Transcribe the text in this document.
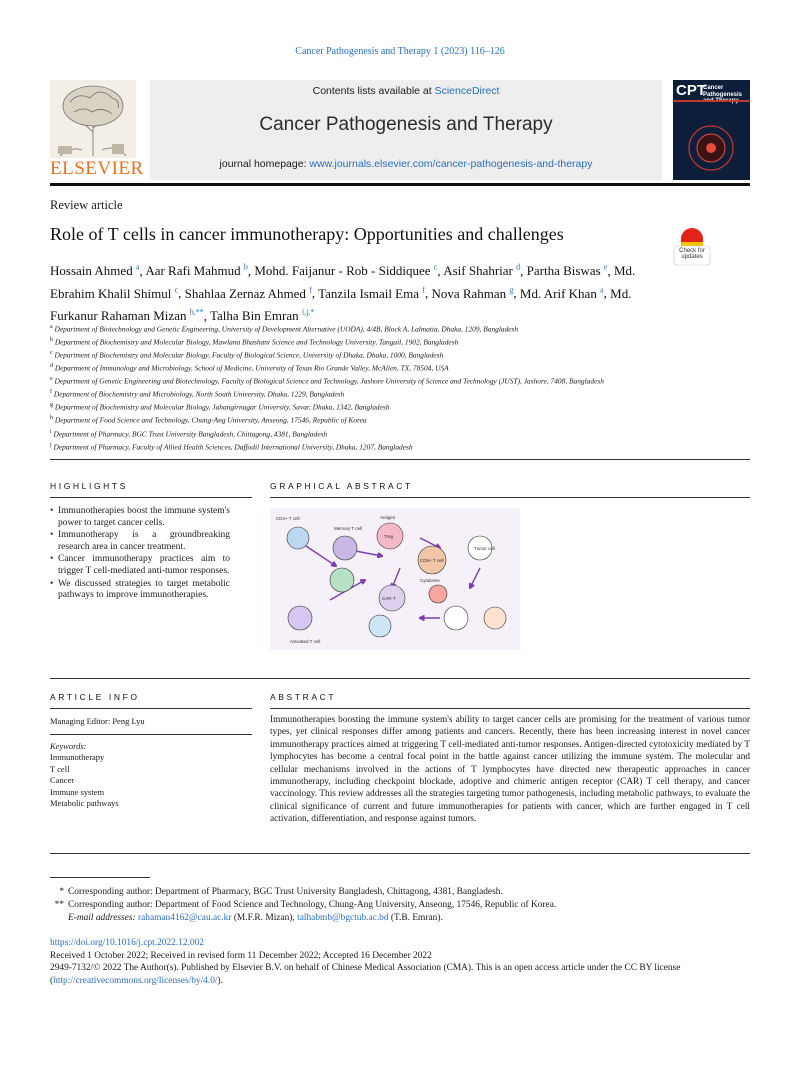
Cancer Pathogenesis and Therapy 1 (2023) 116–126
ELSEVIER
Contents lists available at ScienceDirect
Cancer Pathogenesis and Therapy
journal homepage: www.journals.elsevier.com/cancer-pathogenesis-and-therapy
CPT
Cancer Pathogenesis
Review article
Role of T cells in cancer immunotherapy: Opportunities and challenges
Check for updates
Hossain Ahmed $^a$, Aar Rafi Mahmud $^b$, Mohd. Faijanur - Rob - Siddiquee $^c$, Asif Shahriar $^d$, Partha Biswas $^e$, Md. Ebrahim Khalil Shimul $^c$, Shahlaa Zernaz Ahmed $^f$, Tanzila Ismail Ema $^f$, Nova Rahman $^g$, Md. Arif Khan $^a$, Md. Furkanur Rahaman Mizan $^{h,**}$, Talha Bin Emran $^{i,j,*}$
$^a$ Department of Biotechnology and Genetic Engineering, University of Development Alternative (UODA), 4/4B, Block A, Lalmatia, Dhaka, 1209, Bangladesh
$^b$ Department of Biochemistry and Molecular Biology, Mawlana Bhashani Science and Technology University, Tangail, 1902, Bangladesh
$^c$ Department of Biochemistry and Molecular Biology, Faculty of Biological Science, University of Dhaka, Dhaka, 1000, Bangladesh
$^d$ Department of Immunology and Microbiology, School of Medicine, University of Texas Rio Grande Valley, McAllen, TX, 78504, USA
$^e$ Department of Genetic Engineering and Biotechnology, Faculty of Biological Science and Technology, Jashore University of Science and Technology (JUST), Jashore, 7408, Bangladesh
$^f$ Department of Biochemistry and Microbiology, North South University, Dhaka, 1229, Bangladesh
$^g$ Department of Biochemistry and Molecular Biology, Jahangirnagar University, Savar, Dhaka, 1342, Bangladesh
$^h$ Department of Food Science and Technology, Chung-Ang University, Anseong, 17546, Republic of Korea
$^i$ Department of Pharmacy, BGC Trust University Bangladesh, Chittagong, 4381, Bangladesh
$^j$ Department of Pharmacy, Faculty of Allied Health Sciences, Daffodil International University, Dhaka, 1207, Bangladesh
HIGHLIGHTS	GRAPHICAL ABSTRACT
• Immunotherapies boost the immune system's power to target cancer cells.
• Immunotherapy is a groundbreaking research area in cancer treatment.
• Cancer immunotherapy practices aim to trigger T cell-mediated anti-tumor responses.
• We discussed strategies to target metabolic pathways to improve immunotherapies.
CD4+ T cell
Memory T cell
Antigen
Treg
CD8+ T cell
Tumor cell
Activated T cell
Cytokines
CAR-T
ARTICLE INFO	ABSTRACT
Managing Editor: Peng Lyu
Keywords:
Immunotherapy
T cell
Cancer
Immune system
Metabolic pathways
Immunotherapies boosting the immune system's ability to target cancer cells are promising for the treatment of various tumor types, yet clinical responses differ among patients and cancers. Recently, there has been increasing interest in novel cancer immunotherapy practices aimed at triggering T cell-mediated anti-tumor responses. Antigen-directed cytotoxicity mediated by T lymphocytes has become a central focal point in the battle against cancer utilizing the immune system. The molecular and cellular mechanisms involved in the actions of T lymphocytes have directed new therapeutic approaches in cancer immunotherapy, including checkpoint blockade, adoptive and chimeric antigen receptor (CAR) T cell therapy, and cancer vaccinology. This review addresses all the strategies targeting tumor pathogenesis, including metabolic pathways, to evaluate the clinical significance of current and future immunotherapies for patients with cancer, which are further engaged in T cell activation, differentiation, and response against tumors.
* Corresponding author: Department of Pharmacy, BGC Trust University Bangladesh, Chittagong, 4381, Bangladesh.
** Corresponding author: Department of Food Science and Technology, Chung-Ang University, Anseong, 17546, Republic of Korea.
E-mail addresses: rahaman4162@cau.ac.kr (M.F.R. Mizan), talhabmb@bgctub.ac.bd (T.B. Emran).
https://doi.org/10.1016/j.cpt.2022.12.002
Received 1 October 2022; Received in revised form 11 December 2022; Accepted 16 December 2022
2949-7132/© 2022 The Author(s). Published by Elsevier B.V. on behalf of Chinese Medical Association (CMA). This is an open access article under the CC BY license
(http://creativecommons.org/licenses/by/4.0/).
